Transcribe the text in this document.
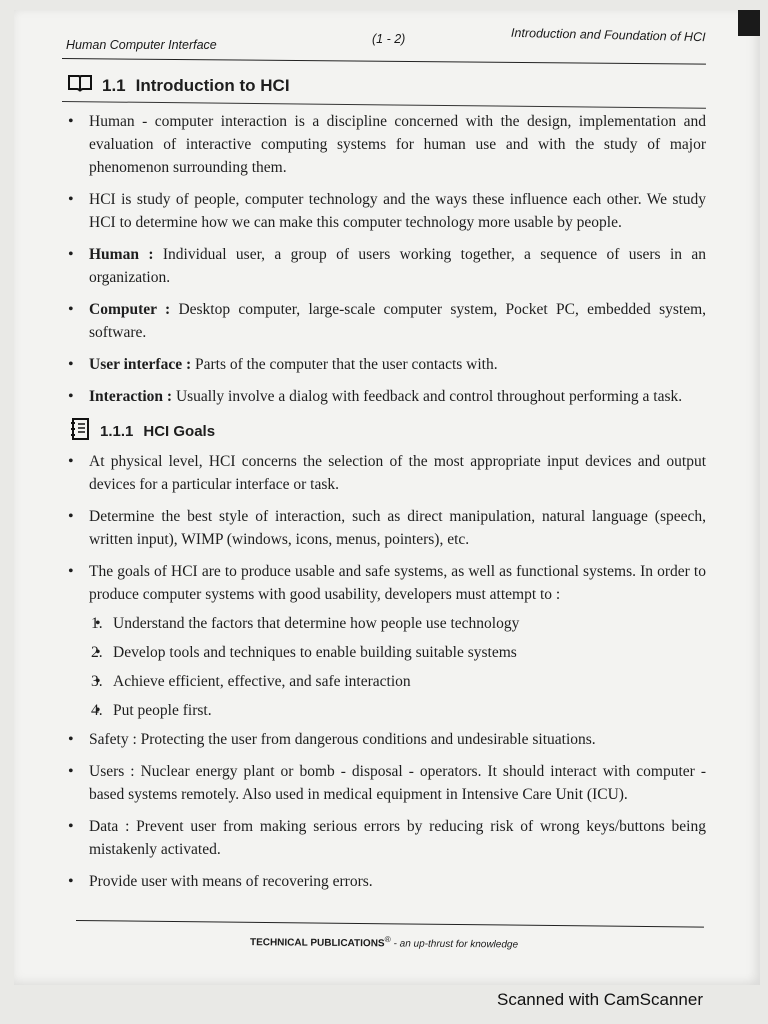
Human Computer Interface	(1 - 2)	Introduction and Foundation of HCI
1.1 Introduction to HCI
• Human - computer interaction is a discipline concerned with the design, implementation and evaluation of interactive computing systems for human use and with the study of major phenomenon surrounding them.
• HCI is study of people, computer technology and the ways these influence each other. We study HCI to determine how we can make this computer technology more usable by people.
• Human : Individual user, a group of users working together, a sequence of users in an organization.
• Computer : Desktop computer, large-scale computer system, Pocket PC, embedded system, software.
• User interface : Parts of the computer that the user contacts with.
• Interaction : Usually involve a dialog with feedback and control throughout performing a task.
1.1.1 HCI Goals
• At physical level, HCI concerns the selection of the most appropriate input devices and output devices for a particular interface or task.
• Determine the best style of interaction, such as direct manipulation, natural language (speech, written input), WIMP (windows, icons, menus, pointers), etc.
• The goals of HCI are to produce usable and safe systems, as well as functional systems. In order to produce computer systems with good usability, developers must attempt to :
• 1. Understand the factors that determine how people use technology
• 2. Develop tools and techniques to enable building suitable systems
• 3. Achieve efficient, effective, and safe interaction
• 4. Put people first.
• Safety : Protecting the user from dangerous conditions and undesirable situations.
• Users : Nuclear energy plant or bomb - disposal - operators. It should interact with computer - based systems remotely. Also used in medical equipment in Intensive Care Unit (ICU).
• Data : Prevent user from making serious errors by reducing risk of wrong keys/buttons being mistakenly activated.
• Provide user with means of recovering errors.
TECHNICAL PUBLICATIONS® - an up-thrust for knowledge
Scanned with CamScanner
